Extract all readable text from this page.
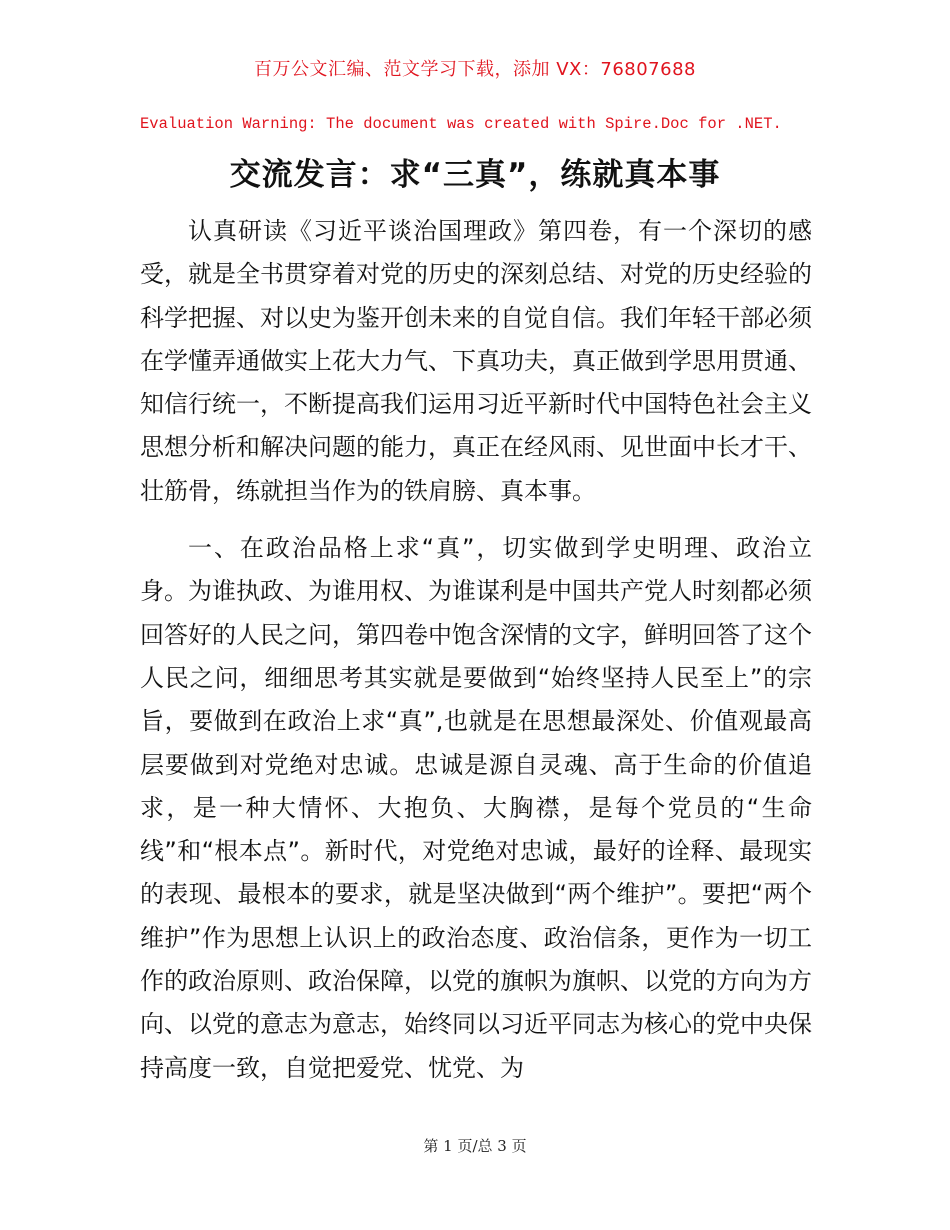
百万公文汇编、范文学习下载，添加 VX：76807688
Evaluation Warning: The document was created with Spire.Doc for .NET.
交流发言：求“三真”，练就真本事

认真研读《习近平谈治国理政》第四卷，有一个深切的感受，就是全书贯穿着对党的历史的深刻总结、对党的历史经验的科学把握、对以史为鉴开创未来的自觉自信。我们年轻干部必须在学懂弄通做实上花大力气、下真功夫，真正做到学思用贯通、知信行统一，不断提高我们运用习近平新时代中国特色社会主义思想分析和解决问题的能力，真正在经风雨、见世面中长才干、壮筋骨，练就担当作为的铁肩膀、真本事。

一、在政治品格上求“真”，切实做到学史明理、政治立身。为谁执政、为谁用权、为谁谋利是中国共产党人时刻都必须回答好的人民之问，第四卷中饱含深情的文字，鲜明回答了这个人民之问，细细思考其实就是要做到“始终坚持人民至上”的宗旨，要做到在政治上求“真”,也就是在思想最深处、价值观最高层要做到对党绝对忠诚。忠诚是源自灵魂、高于生命的价值追求，是一种大情怀、大抱负、大胸襟，是每个党员的“生命线”和“根本点”。新时代，对党绝对忠诚，最好的诠释、最现实的表现、最根本的要求，就是坚决做到“两个维护”。要把“两个维护”作为思想上认识上的政治态度、政治信条，更作为一切工作的政治原则、政治保障，以党的旗帜为旗帜、以党的方向为方向、以党的意志为意志，始终同以习近平同志为核心的党中央保持高度一致，自觉把爱党、忧党、为

第 1 页/总 3 页
